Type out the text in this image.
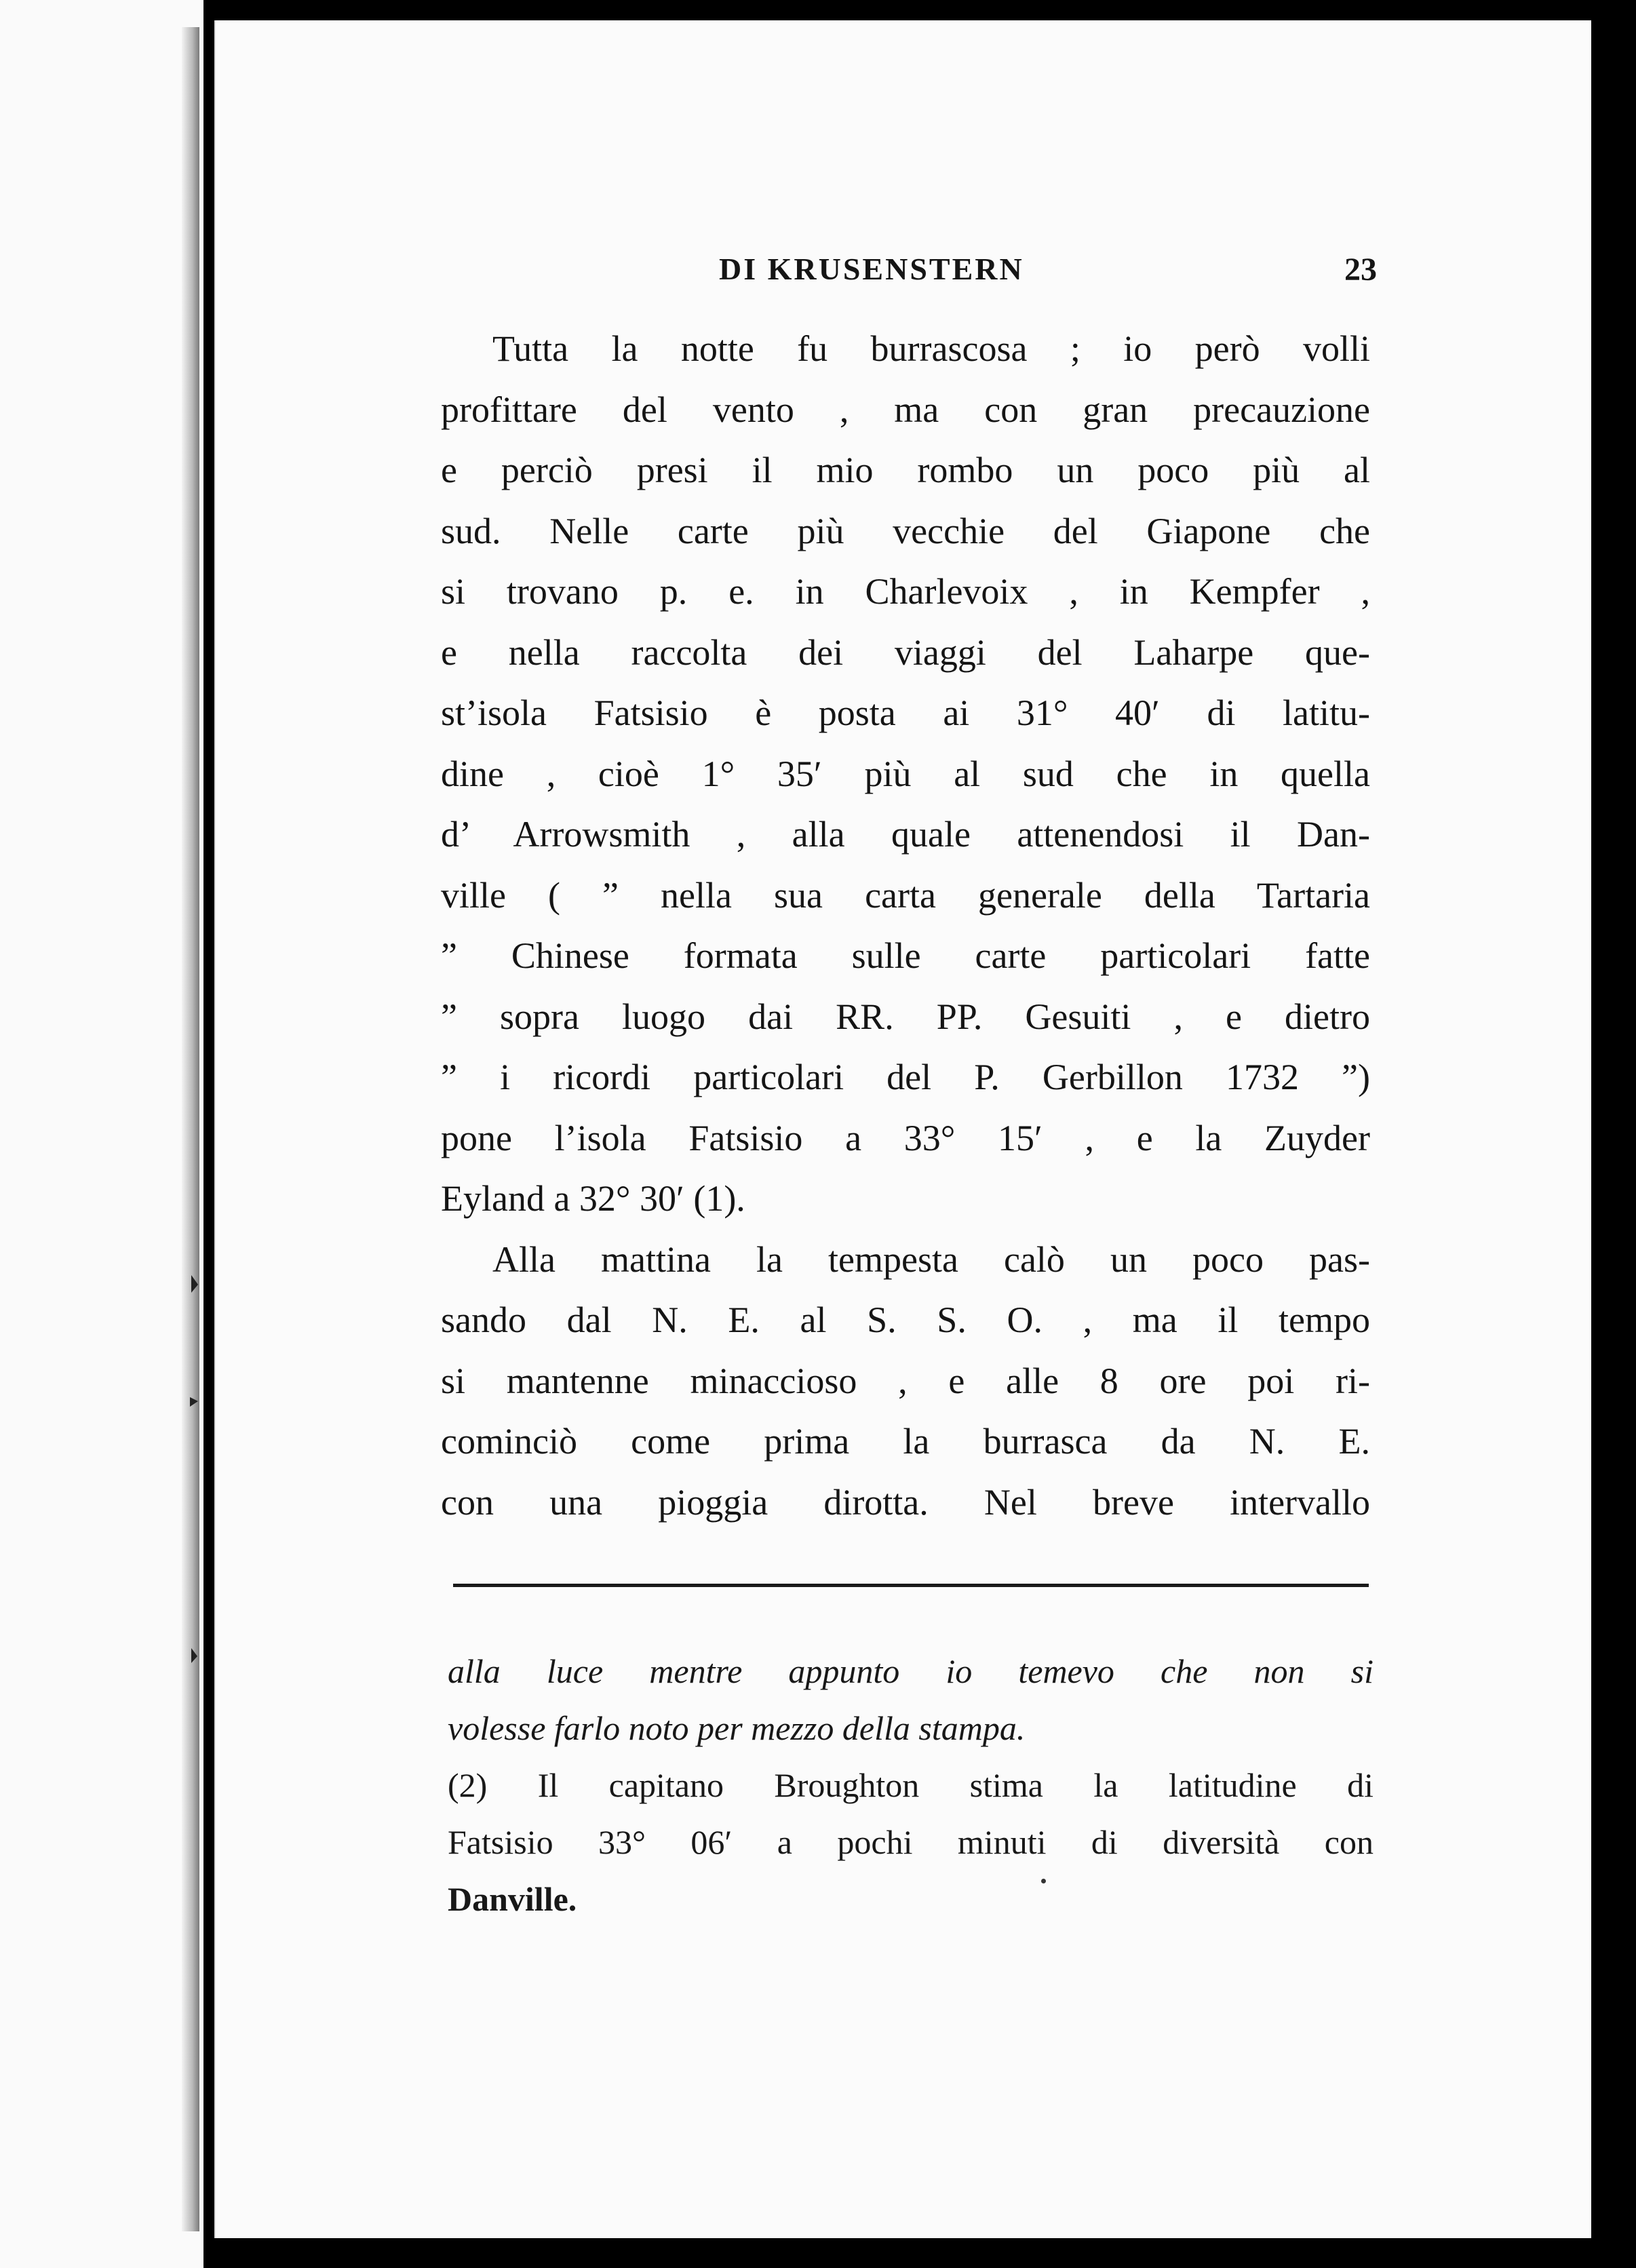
DI KRUSENSTERN	23
Tutta la notte fu burrascosa ; io però volli
profittare del vento , ma con gran precauzione
e perciò presi il mio rombo un poco più al
sud. Nelle carte più vecchie del Giapone che
si trovano p. e. in Charlevoix , in Kempfer ,
e nella raccolta dei viaggi del Laharpe que-
st’isola Fatsisio è posta ai 31° 40′ di latitu-
dine , cioè 1° 35′ più al sud che in quella
d’ Arrowsmith , alla quale attenendosi il Dan-
ville ( ” nella sua carta generale della Tartaria
” Chinese formata sulle carte particolari fatte
” sopra luogo dai RR. PP. Gesuiti , e dietro
” i ricordi particolari del P. Gerbillon 1732 ”)
pone l’isola Fatsisio a 33° 15′ , e la Zuyder
Eyland a 32° 30′ (1).
Alla mattina la tempesta calò un poco pas-
sando dal N. E. al S. S. O. , ma il tempo
si mantenne minaccioso , e alle 8 ore poi ri-
cominciò come prima la burrasca da N. E.
con una pioggia dirotta. Nel breve intervallo
alla luce mentre appunto io temevo che non si
volesse farlo noto per mezzo della stampa.
(2) Il capitano Broughton stima la latitudine di
Fatsisio 33° 06′ a pochi minuti di diversità con
Danville.
